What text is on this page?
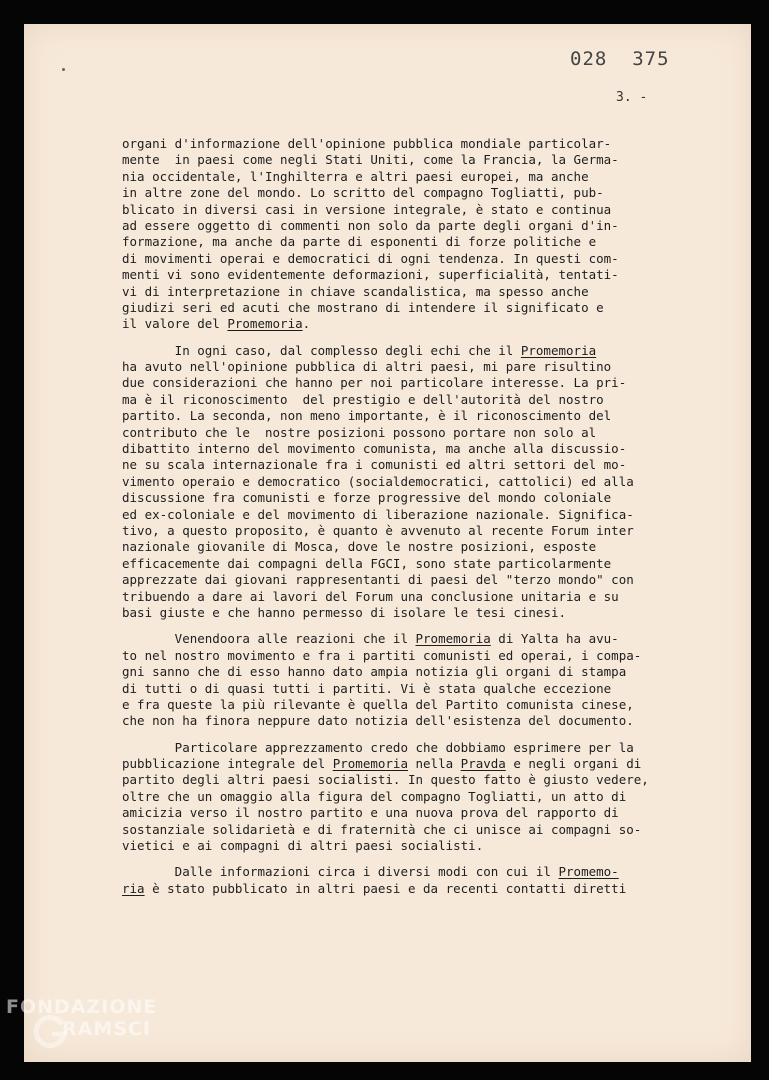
028  375
3. -
organi d'informazione dell'opinione pubblica mondiale particolar-
mente  in paesi come negli Stati Uniti, come la Francia, la Germa-
nia occidentale, l'Inghilterra e altri paesi europei, ma anche
in altre zone del mondo. Lo scritto del compagno Togliatti, pub-
blicato in diversi casi in versione integrale, è stato e continua
ad essere oggetto di commenti non solo da parte degli organi d'in-
formazione, ma anche da parte di esponenti di forze politiche e
di movimenti operai e democratici di ogni tendenza. In questi com-
menti vi sono evidentemente deformazioni, superficialità, tentati-
vi di interpretazione in chiave scandalistica, ma spesso anche
giudizi seri ed acuti che mostrano di intendere il significato e
il valore del Promemoria.
In ogni caso, dal complesso degli echi che il Promemoria
ha avuto nell'opinione pubblica di altri paesi, mi pare risultino
due considerazioni che hanno per noi particolare interesse. La pri-
ma è il riconoscimento  del prestigio e dell'autorità del nostro
partito. La seconda, non meno importante, è il riconoscimento del
contributo che le  nostre posizioni possono portare non solo al
dibattito interno del movimento comunista, ma anche alla discussio-
ne su scala internazionale fra i comunisti ed altri settori del mo-
vimento operaio e democratico (socialdemocratici, cattolici) ed alla
discussione fra comunisti e forze progressive del mondo coloniale
ed ex-coloniale e del movimento di liberazione nazionale. Significa-
tivo, a questo proposito, è quanto è avvenuto al recente Forum inter
nazionale giovanile di Mosca, dove le nostre posizioni, esposte
efficacemente dai compagni della FGCI, sono state particolarmente
apprezzate dai giovani rappresentanti di paesi del "terzo mondo" con
tribuendo a dare ai lavori del Forum una conclusione unitaria e su
basi giuste e che hanno permesso di isolare le tesi cinesi.
Venendoora alle reazioni che il Promemoria di Yalta ha avu-
to nel nostro movimento e fra i partiti comunisti ed operai, i compa-
gni sanno che di esso hanno dato ampia notizia gli organi di stampa
di tutti o di quasi tutti i partiti. Vi è stata qualche eccezione
e fra queste la più rilevante è quella del Partito comunista cinese,
che non ha finora neppure dato notizia dell'esistenza del documento.
Particolare apprezzamento credo che dobbiamo esprimere per la
pubblicazione integrale del Promemoria nella Pravda e negli organi di
partito degli altri paesi socialisti. In questo fatto è giusto vedere,
oltre che un omaggio alla figura del compagno Togliatti, un atto di
amicizia verso il nostro partito e una nuova prova del rapporto di
sostanziale solidarietà e di fraternità che ci unisce ai compagni so-
vietici e ai compagni di altri paesi socialisti.
Dalle informazioni circa i diversi modi con cui il Promemo-
ria è stato pubblicato in altri paesi e da recenti contatti diretti
FONDAZIONE
RAMSCI
